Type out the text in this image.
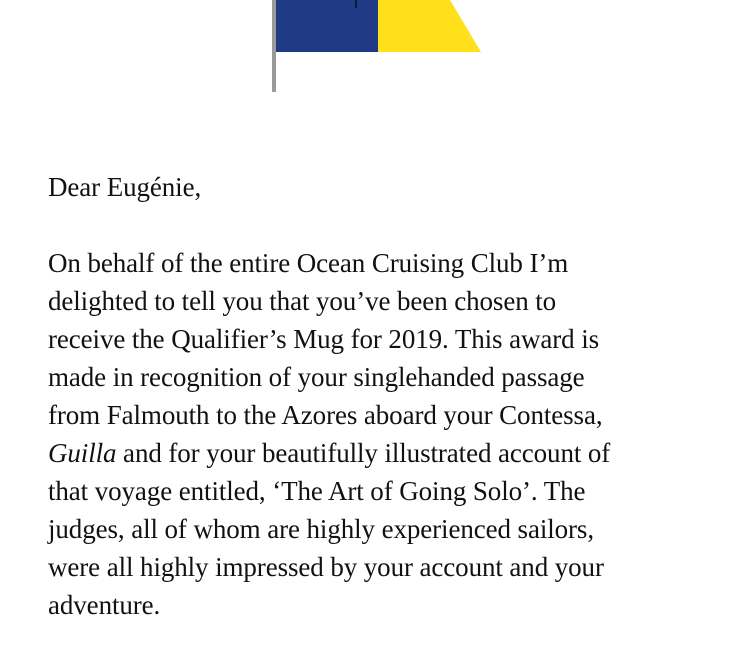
Dear Eugénie,

On behalf of the entire Ocean Cruising Club I’m
delighted to tell you that you’ve been chosen to
receive the Qualifier’s Mug for 2019. This award is
made in recognition of your singlehanded passage
from Falmouth to the Azores aboard your Contessa,
Guilla and for your beautifully illustrated account of
that voyage entitled, ‘The Art of Going Solo’. The
judges, all of whom are highly experienced sailors,
were all highly impressed by your account and your
adventure.
